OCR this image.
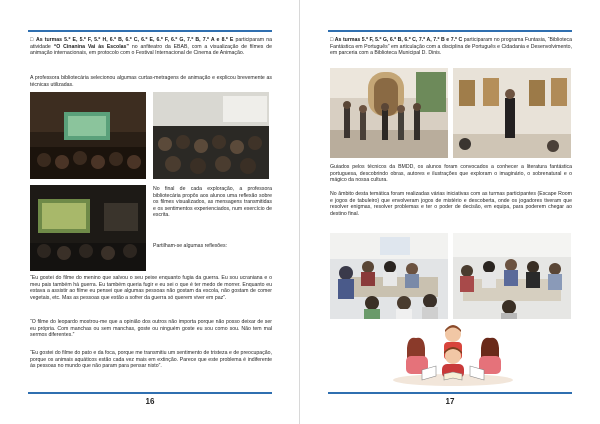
□ As turmas 5.º E, 5.º F, 5.º H, 6.º B, 6.º C, 6.º E, 6.º F, 6.º G, 7.º B, 7.º A e 8.º E participaram na atividade “O Cinanina Vai às Escolas” no anfiteatro da EBAB, com a visualização de filmes de animação internacionais, em protocolo com o Festival Internacional de Cinema de Animação.
A professora bibliotecária selecionou algumas curtas-metragens de animação e explicou brevemente as técnicas utilizadas.
No final de cada exploração, a professora bibliotecária propôs aos alunos uma reflexão sobre os filmes visualizados, as mensagens transmitidas e os sentimentos experienciados, num exercício de escrita.
Partilham-se algumas reflexões:
“Eu gostei do filme do menino que salvou o seu peixe enquanto fugia da guerra. Eu sou ucraniana e o meu pais também há guerra. Eu também queria fugir e eu sei o que é ter medo de morrer. Enquanto eu estava a assistir ao filme eu pensei que algumas pessoas não gostam da escola, não gostam de comer vegetais, etc. Mas as pessoas que estão a sofrer da guerra só querem viver em paz”.
“O filme do leopardo mostrou-me que a opinião dos outros não importa porque não posso deixar de ser eu própria. Com manchas ou sem manchas, goste ou ninguém goste eu sou como sou. Não tem mal sermos diferentes.”
“Eu gostei do filme do pato e da foca, porque me transmitiu um sentimento de tristeza e de preocupação, porque os animais aquáticos estão cada vez mais em extinção. Parece que este problema é indiferente às pessoas no mundo que não param para pensar nisto”.
16
□ As turmas 5.º F, 5.º G, 6.º B, 6.º C, 7.º A, 7.º B e 7.º C participaram no programa Funtasia, “Biblioteca Fantástica em Português” em articulação com a disciplina de Português e Cidadania e Desenvolvimento, em parceria com a Biblioteca Municipal D. Dinis.
Guiados pelos técnicos da BMDD, os alunos foram convocados a conhecer a literatura fantástica portuguesa, descobrindo obras, autores e ilustrações que exploram o imaginário, o sobrenatural e o mágico da nossa cultura.
No âmbito desta temática foram realizadas várias iniciativas com as turmas participantes (Escape Room e jogos de tabuleiro) que envolveram jogos de mistério e descoberta, onde os jogadores tiveram que resolver enigmas, resolver problemas e ter o poder de decisão, em equipa, para poderem chegar ao destino final.
17
